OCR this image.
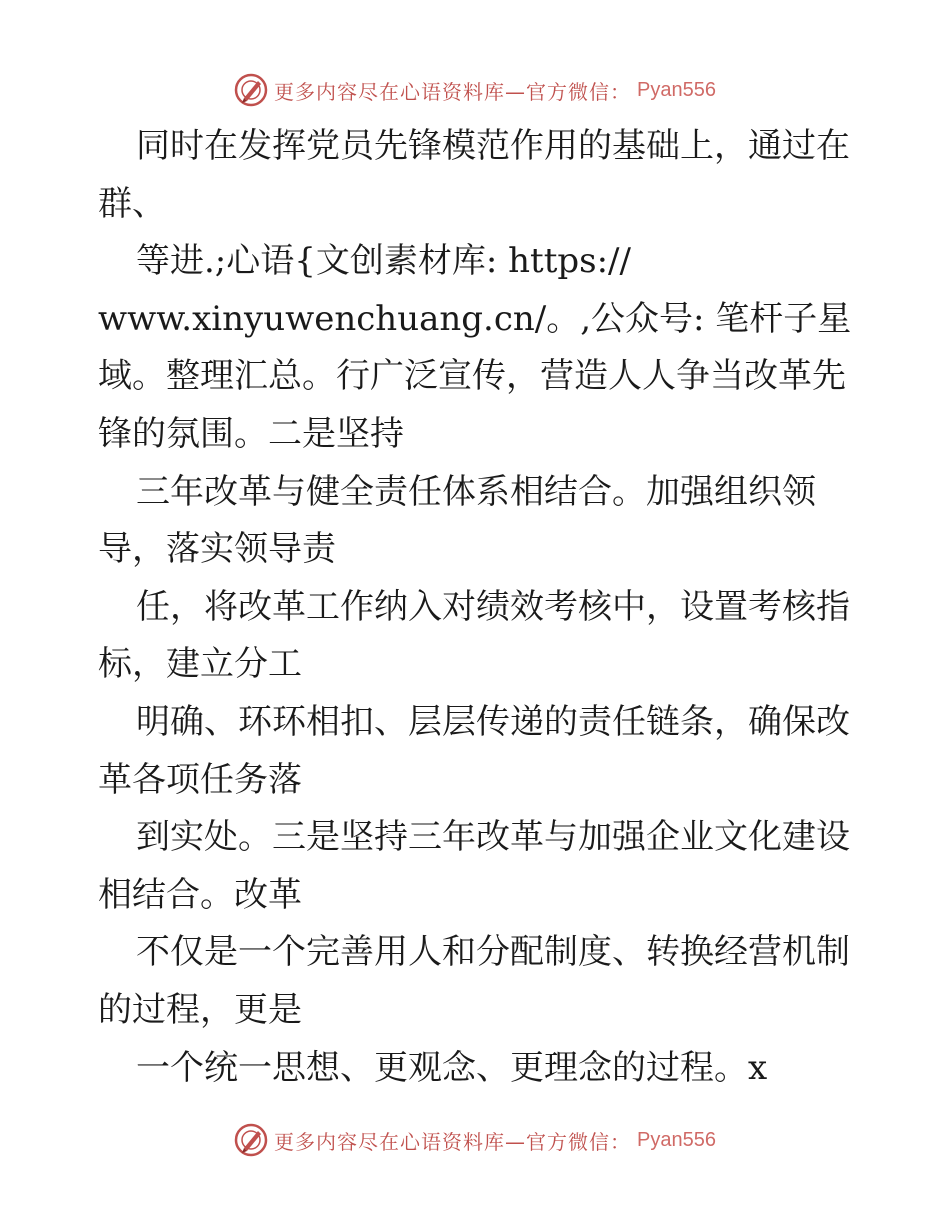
更多内容尽在心语资料库—官方微信： Pyan556
同时在发挥党员先锋模范作用的基础上，通过在
群、
等进.;心语{文创素材库: https://
www.xinyuwenchuang.cn/。,公众号: 笔杆子星
域。整理汇总。行广泛宣传，营造人人争当改革先
锋的氛围。二是坚持
三年改革与健全责任体系相结合。加强组织领
导，落实领导责
任，将改革工作纳入对绩效考核中，设置考核指
标，建立分工
明确、环环相扣、层层传递的责任链条，确保改
革各项任务落
到实处。三是坚持三年改革与加强企业文化建设
相结合。改革
不仅是一个完善用人和分配制度、转换经营机制
的过程，更是
一个统一思想、更观念、更理念的过程。x
更多内容尽在心语资料库—官方微信： Pyan556
